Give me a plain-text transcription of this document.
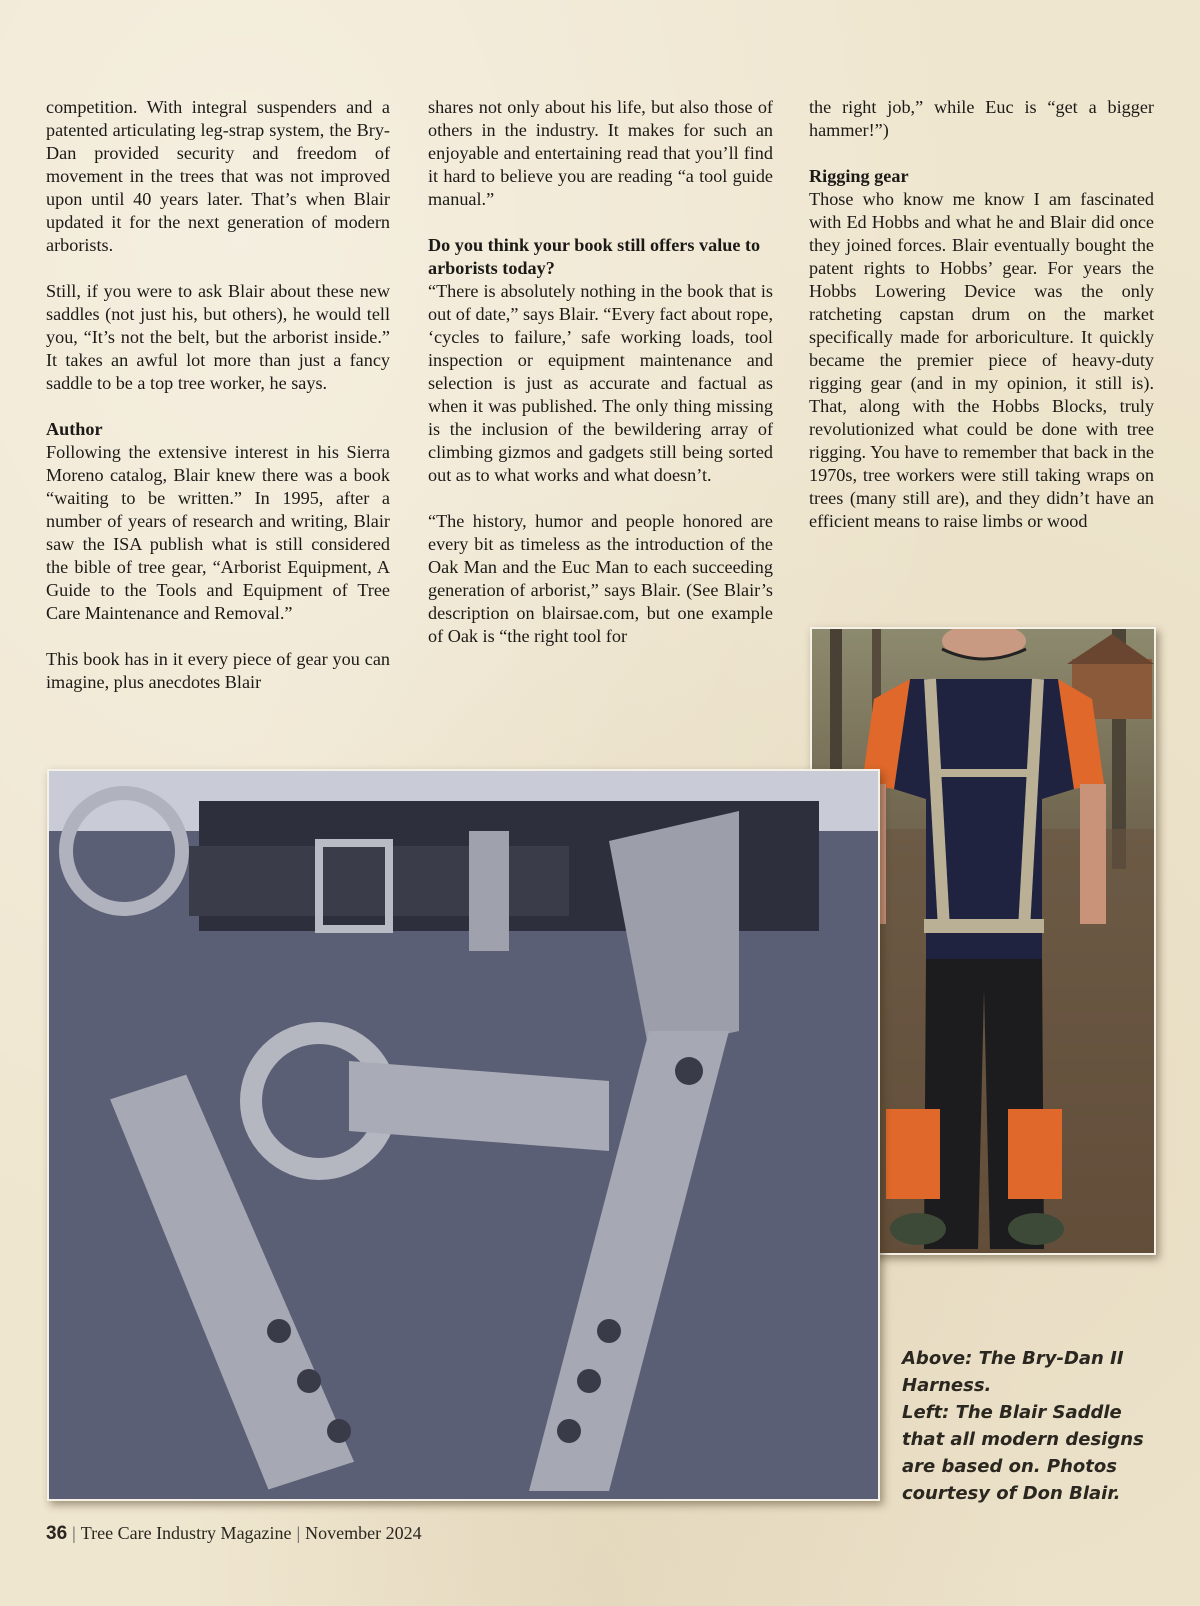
competition. With integral suspenders and a patented articulating leg-strap system, the Bry-Dan provided security and freedom of movement in the trees that was not improved upon until 40 years later. That’s when Blair updated it for the next generation of modern arborists.

Still, if you were to ask Blair about these new saddles (not just his, but others), he would tell you, “It’s not the belt, but the arborist inside.” It takes an awful lot more than just a fancy saddle to be a top tree worker, he says.

Author

Following the extensive interest in his Sierra Moreno catalog, Blair knew there was a book “waiting to be written.” In 1995, after a number of years of research and writing, Blair saw the ISA publish what is still considered the bible of tree gear, “Arborist Equipment, A Guide to the Tools and Equipment of Tree Care Maintenance and Removal.”

This book has in it every piece of gear you can imagine, plus anecdotes Blair

shares not only about his life, but also those of others in the industry. It makes for such an enjoyable and entertaining read that you’ll find it hard to believe you are reading “a tool guide manual.”

Do you think your book still offers value to arborists today?

“There is absolutely nothing in the book that is out of date,” says Blair. “Every fact about rope, ‘cycles to failure,’ safe working loads, tool inspection or equipment maintenance and selection is just as accurate and factual as when it was published. The only thing missing is the inclusion of the bewildering array of climbing gizmos and gadgets still being sorted out as to what works and what doesn’t.

“The history, humor and people honored are every bit as timeless as the introduction of the Oak Man and the Euc Man to each succeeding generation of arborist,” says Blair. (See Blair’s description on blairsae.com, but one example of Oak is “the right tool for

the right job,” while Euc is “get a bigger hammer!”)

Rigging gear

Those who know me know I am fascinated with Ed Hobbs and what he and Blair did once they joined forces. Blair eventually bought the patent rights to Hobbs’ gear. For years the Hobbs Lowering Device was the only ratcheting capstan drum on the market specifically made for arboriculture. It quickly became the premier piece of heavy-duty rigging gear (and in my opinion, it still is). That, along with the Hobbs Blocks, truly revolutionized what could be done with tree rigging. You have to remember that back in the 1970s, tree workers were still taking wraps on trees (many still are), and they didn’t have an efficient means to raise limbs or wood

Above: The Bry-Dan II Harness.
Left: The Blair Saddle that all modern designs are based on. Photos courtesy of Don Blair.
36 | Tree Care Industry Magazine | November 2024
